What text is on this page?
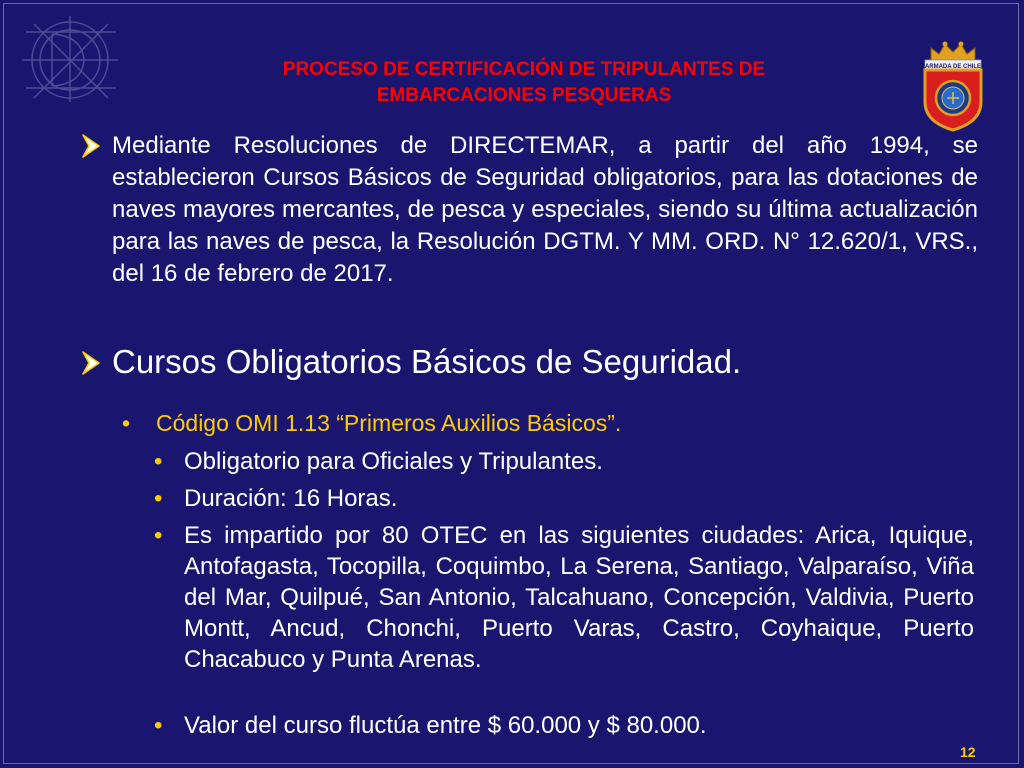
ARMADA DE CHILE
PROCESO DE CERTIFICACIÓN DE TRIPULANTES DE
EMBARCACIONES PESQUERAS
Mediante Resoluciones de DIRECTEMAR, a partir del año 1994, se establecieron Cursos Básicos de Seguridad obligatorios, para las dotaciones de naves mayores mercantes, de pesca y especiales, siendo su última actualización para las naves de pesca, la Resolución DGTM. Y MM. ORD. N° 12.620/1, VRS., del 16 de febrero de 2017.
Cursos Obligatorios Básicos de Seguridad.
• Código OMI 1.13 “Primeros Auxilios Básicos”.
• Obligatorio para Oficiales y Tripulantes.
• Duración: 16 Horas.
• Es impartido por 80 OTEC en las siguientes ciudades: Arica, Iquique, Antofagasta, Tocopilla, Coquimbo, La Serena, Santiago, Valparaíso, Viña del Mar, Quilpué, San Antonio, Talcahuano, Concepción, Valdivia, Puerto Montt, Ancud, Chonchi, Puerto Varas, Castro, Coyhaique, Puerto Chacabuco y Punta Arenas.
• Valor del curso fluctúa entre $ 60.000 y $ 80.000.
12
